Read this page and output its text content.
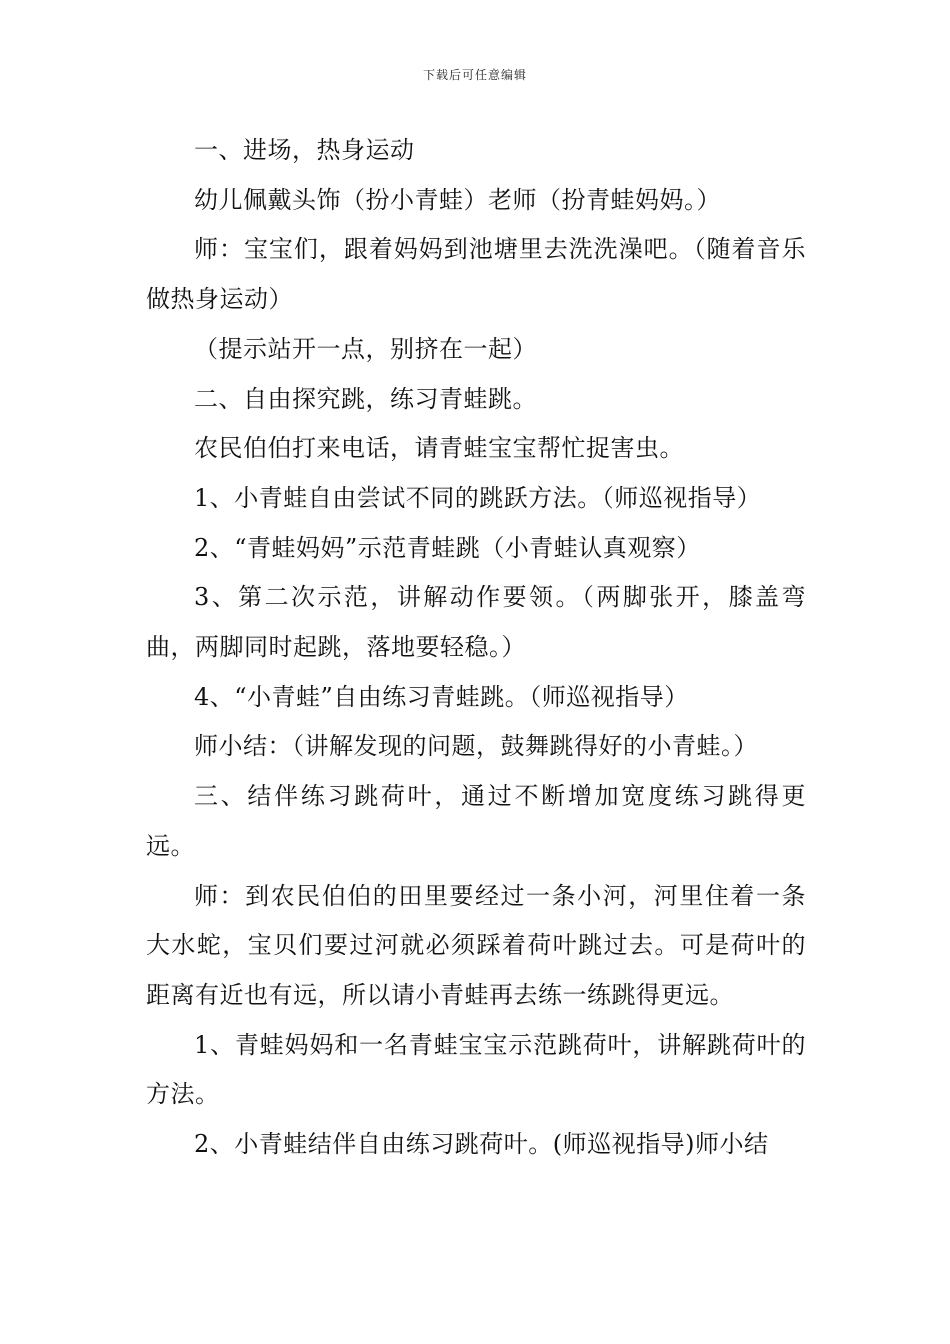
下载后可任意编辑

一、进场，热身运动

幼儿佩戴头饰（扮小青蛙）老师（扮青蛙妈妈。）

师：宝宝们，跟着妈妈到池塘里去洗洗澡吧。（随着音乐做热身运动）

（提示站开一点，别挤在一起）

二、自由探究跳，练习青蛙跳。

农民伯伯打来电话，请青蛙宝宝帮忙捉害虫。

1、小青蛙自由尝试不同的跳跃方法。（师巡视指导）

2、“青蛙妈妈”示范青蛙跳（小青蛙认真观察）

3、第二次示范，讲解动作要领。（两脚张开，膝盖弯曲，两脚同时起跳，落地要轻稳。）

4、“小青蛙”自由练习青蛙跳。（师巡视指导）

师小结：（讲解发现的问题，鼓舞跳得好的小青蛙。）

三、结伴练习跳荷叶，通过不断增加宽度练习跳得更远。

师：到农民伯伯的田里要经过一条小河，河里住着一条大水蛇，宝贝们要过河就必须踩着荷叶跳过去。可是荷叶的距离有近也有远，所以请小青蛙再去练一练跳得更远。

1、青蛙妈妈和一名青蛙宝宝示范跳荷叶，讲解跳荷叶的方法。

2、小青蛙结伴自由练习跳荷叶。(师巡视指导)师小结
